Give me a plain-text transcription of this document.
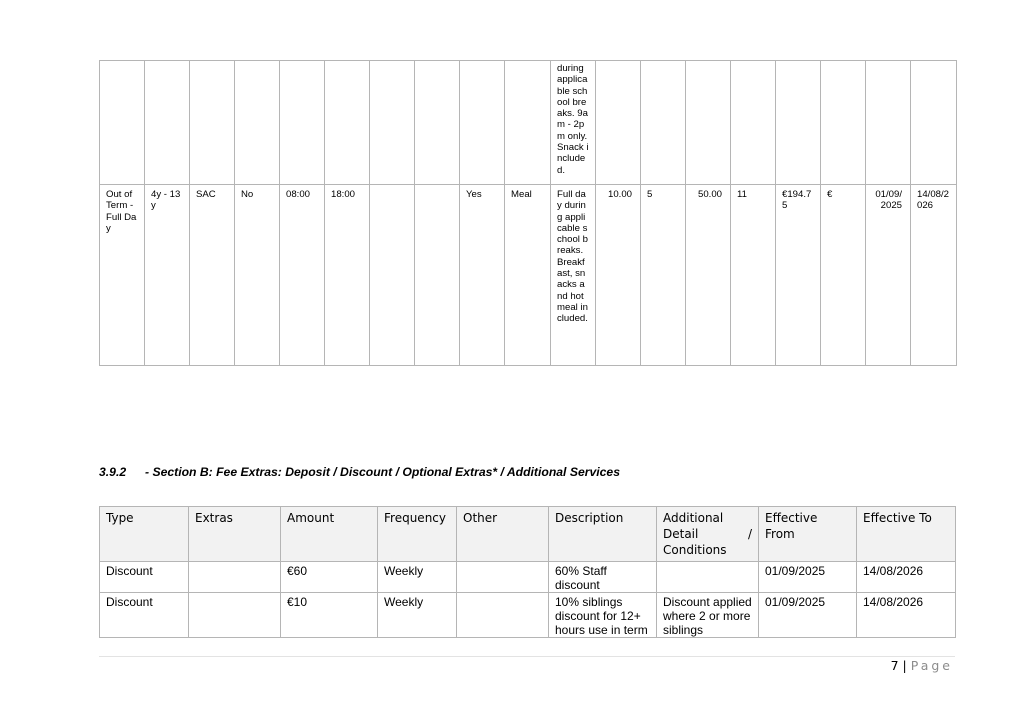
										during applicable school breaks. 9am - 2pm only. Snack included.								
Out of Term - Full Day	4y - 13y	SAC	No	08:00	18:00			Yes	Meal	Full day during applicable school breaks. Breakfast, snacks and hot meal included.	10.00	5	50.00	11	€194.75	€	01/09/2025	14/08/2026
3.9.2 - Section B: Fee Extras: Deposit / Discount / Optional Extras* / Additional Services
Type	Extras	Amount	Frequency	Other	Description	Additional
Detail /
Conditions	Effective From	Effective To
Discount		€60	Weekly		60% Staff discount		01/09/2025	14/08/2026
Discount		€10	Weekly		10% siblings discount for 12+ hours use in term	Discount applied where 2 or more siblings	01/09/2025	14/08/2026
7 | Page
